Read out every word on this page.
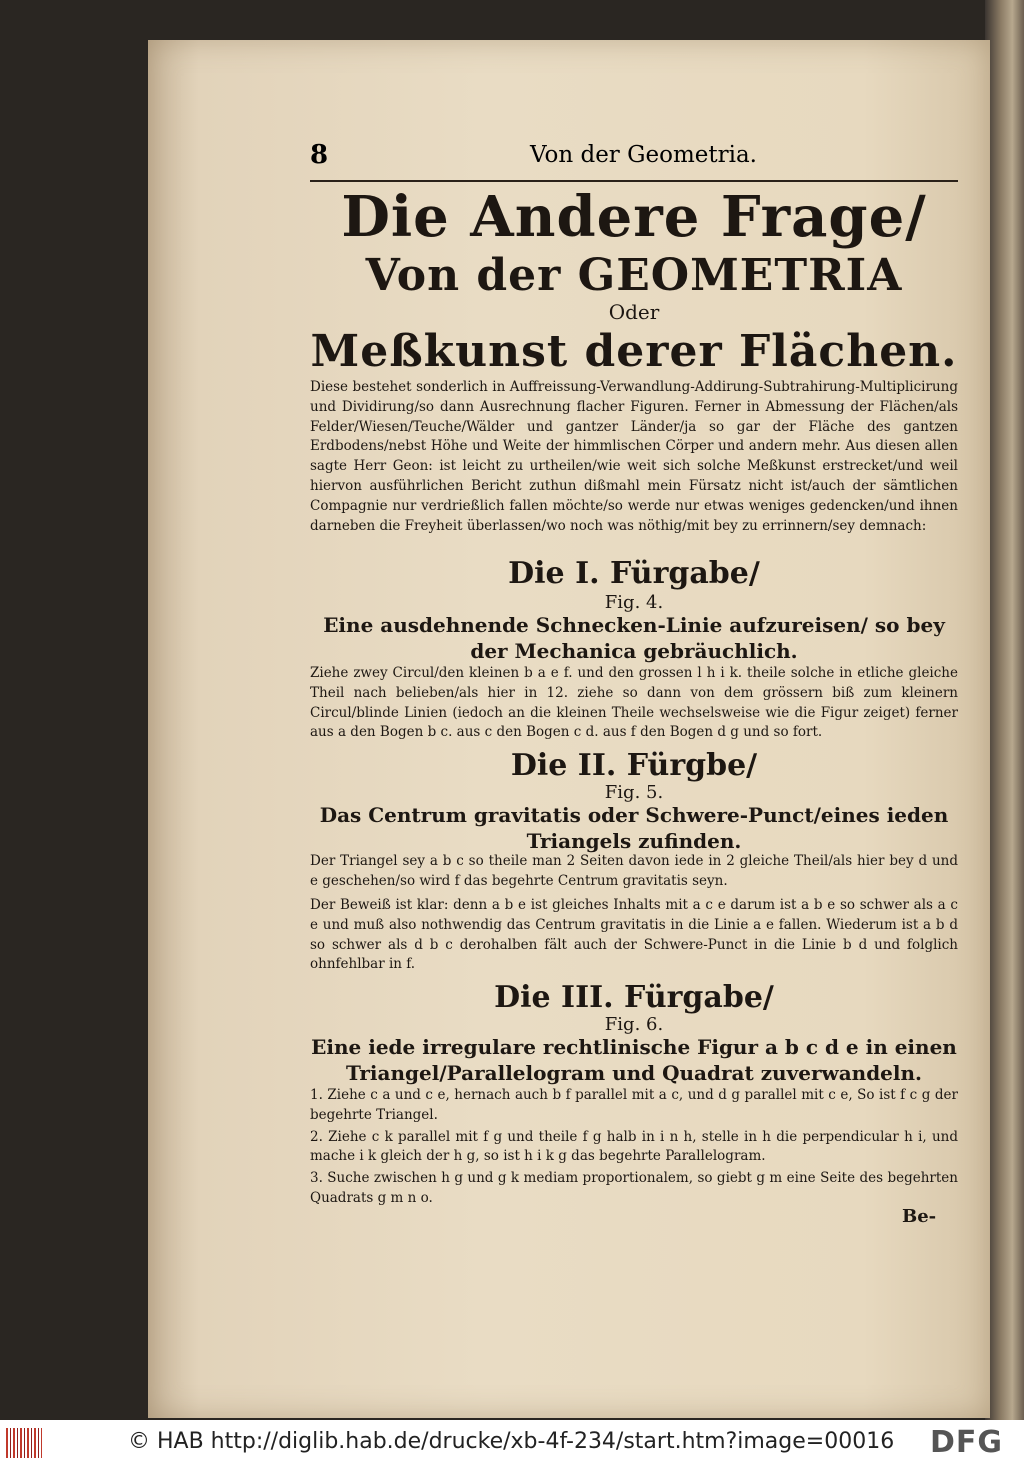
8	Von der Geometria.
Die Andere Frage/
Von der GEOMETRIA
Oder
Meßkunst derer Flächen.
Diese bestehet sonderlich in Auffreissung-Verwandlung-Addirung-Subtrahirung-Multiplicirung und Dividirung/so dann Ausrechnung flacher Figuren. Ferner in Abmessung der Flächen/als Felder/Wiesen/Teuche/Wälder und gantzer Länder/ja so gar der Fläche des gantzen Erdbodens/nebst Höhe und Weite der himmlischen Cörper und andern mehr. Aus diesen allen sagte Herr Geon: ist leicht zu urtheilen/wie weit sich solche Meßkunst erstrecket/und weil hiervon ausführlichen Bericht zuthun dißmahl mein Fürsatz nicht ist/auch der sämtlichen Compagnie nur verdrießlich fallen möchte/so werde nur etwas weniges gedencken/und ihnen darneben die Freyheit überlassen/wo noch was nöthig/mit bey zu errinnern/sey demnach:
Die I. Fürgabe/
Fig. 4.
Eine ausdehnende Schnecken-Linie aufzureisen/ so bey der Mechanica gebräuchlich.
Ziehe zwey Circul/den kleinen b a e f. und den grossen l h i k. theile solche in etliche gleiche Theil nach belieben/als hier in 12. ziehe so dann von dem grössern biß zum kleinern Circul/blinde Linien (iedoch an die kleinen Theile wechselsweise wie die Figur zeiget) ferner aus a den Bogen b c. aus c den Bogen c d. aus f den Bogen d g und so fort.
Die II. Fürgbe/
Fig. 5.
Das Centrum gravitatis oder Schwere-Punct/eines ieden Triangels zufinden.
Der Triangel sey a b c so theile man 2 Seiten davon iede in 2 gleiche Theil/als hier bey d und e geschehen/so wird f das begehrte Centrum gravitatis seyn.
Der Beweiß ist klar: denn a b e ist gleiches Inhalts mit a c e darum ist a b e so schwer als a c e und muß also nothwendig das Centrum gravitatis in die Linie a e fallen. Wiederum ist a b d so schwer als d b c derohalben fält auch der Schwere-Punct in die Linie b d und folglich ohnfehlbar in f.
Die III. Fürgabe/
Fig. 6.
Eine iede irregulare rechtlinische Figur a b c d e in einen Triangel/Parallelogram und Quadrat zuverwandeln.
1. Ziehe c a und c e, hernach auch b f parallel mit a c, und d g parallel mit c e, So ist f c g der begehrte Triangel.
2. Ziehe c k parallel mit f g und theile f g halb in i n h, stelle in h die perpendicular h i, und mache i k gleich der h g, so ist h i k g das begehrte Parallelogram.
3. Suche zwischen h g und g k mediam proportionalem, so giebt g m eine Seite des begehrten Quadrats g m n o.
Be-
© HAB http://diglib.hab.de/drucke/xb-4f-234/start.htm?image=00016 DFG
